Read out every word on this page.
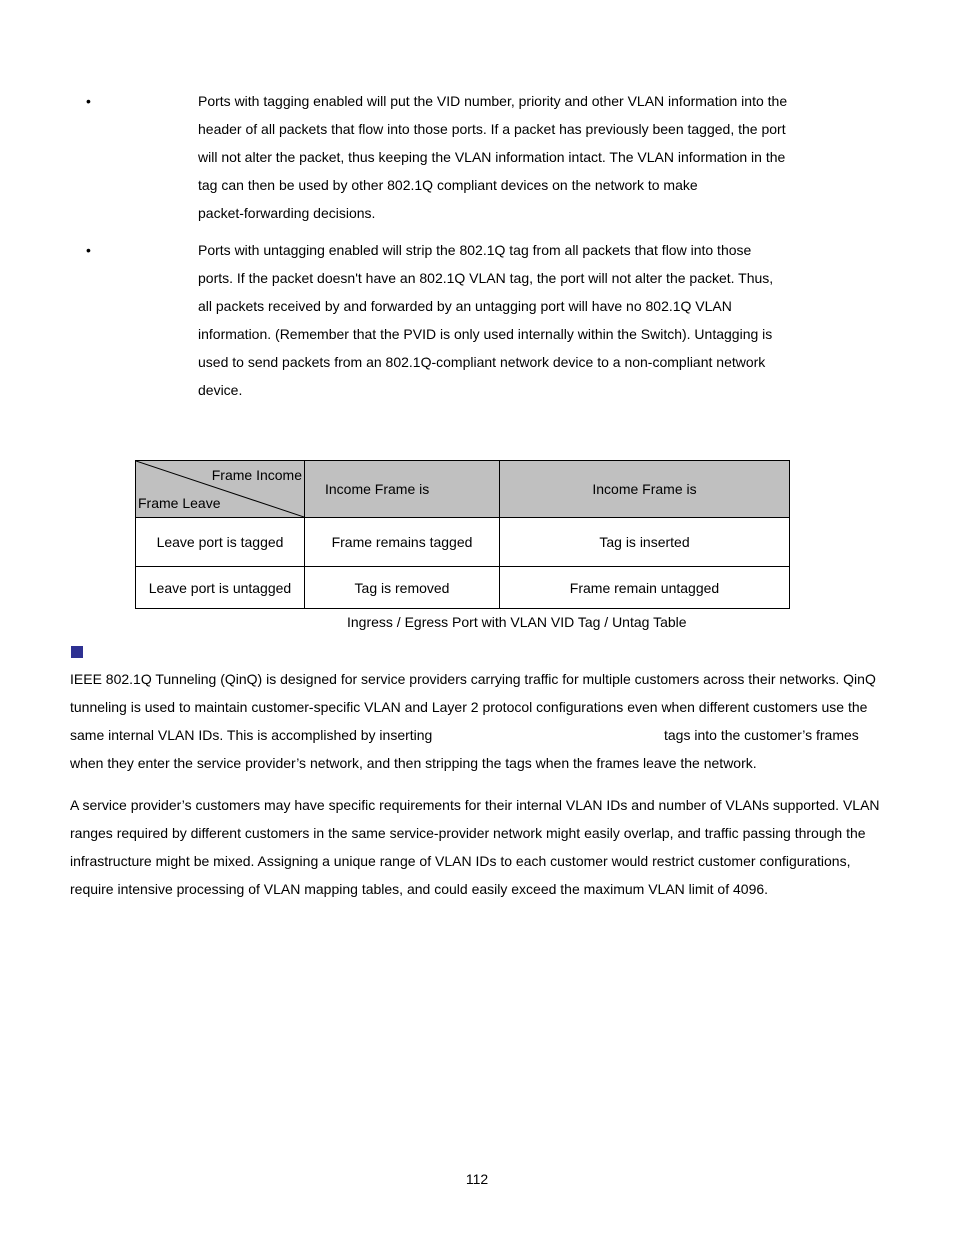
•	Ports with tagging enabled will put the VID number, priority and other VLAN information into the
header of all packets that flow into those ports. If a packet has previously been tagged, the port
will not alter the packet, thus keeping the VLAN information intact. The VLAN information in the
tag can then be used by other 802.1Q compliant devices on the network to make
packet-forwarding decisions.
•	Ports with untagging enabled will strip the 802.1Q tag from all packets that flow into those
ports. If the packet doesn't have an 802.1Q VLAN tag, the port will not alter the packet. Thus,
all packets received by and forwarded by an untagging port will have no 802.1Q VLAN
information. (Remember that the PVID is only used internally within the Switch). Untagging is
used to send packets from an 802.1Q-compliant network device to a non-compliant network
device.
Frame Income
Frame Leave	Income Frame is	Income Frame is
Leave port is tagged	Frame remains tagged	Tag is inserted
Leave port is untagged	Tag is removed	Frame remain untagged
Ingress / Egress Port with VLAN VID Tag / Untag Table
IEEE 802.1Q Tunneling (QinQ) is designed for service providers carrying traffic for multiple customers across their networks. QinQ
tunneling is used to maintain customer-specific VLAN and Layer 2 protocol configurations even when different customers use the
same internal VLAN IDs. This is accomplished by inserting	tags into the customer’s frames
when they enter the service provider’s network, and then stripping the tags when the frames leave the network.
A service provider’s customers may have specific requirements for their internal VLAN IDs and number of VLANs supported. VLAN
ranges required by different customers in the same service-provider network might easily overlap, and traffic passing through the
infrastructure might be mixed. Assigning a unique range of VLAN IDs to each customer would restrict customer configurations,
require intensive processing of VLAN mapping tables, and could easily exceed the maximum VLAN limit of 4096.
112
